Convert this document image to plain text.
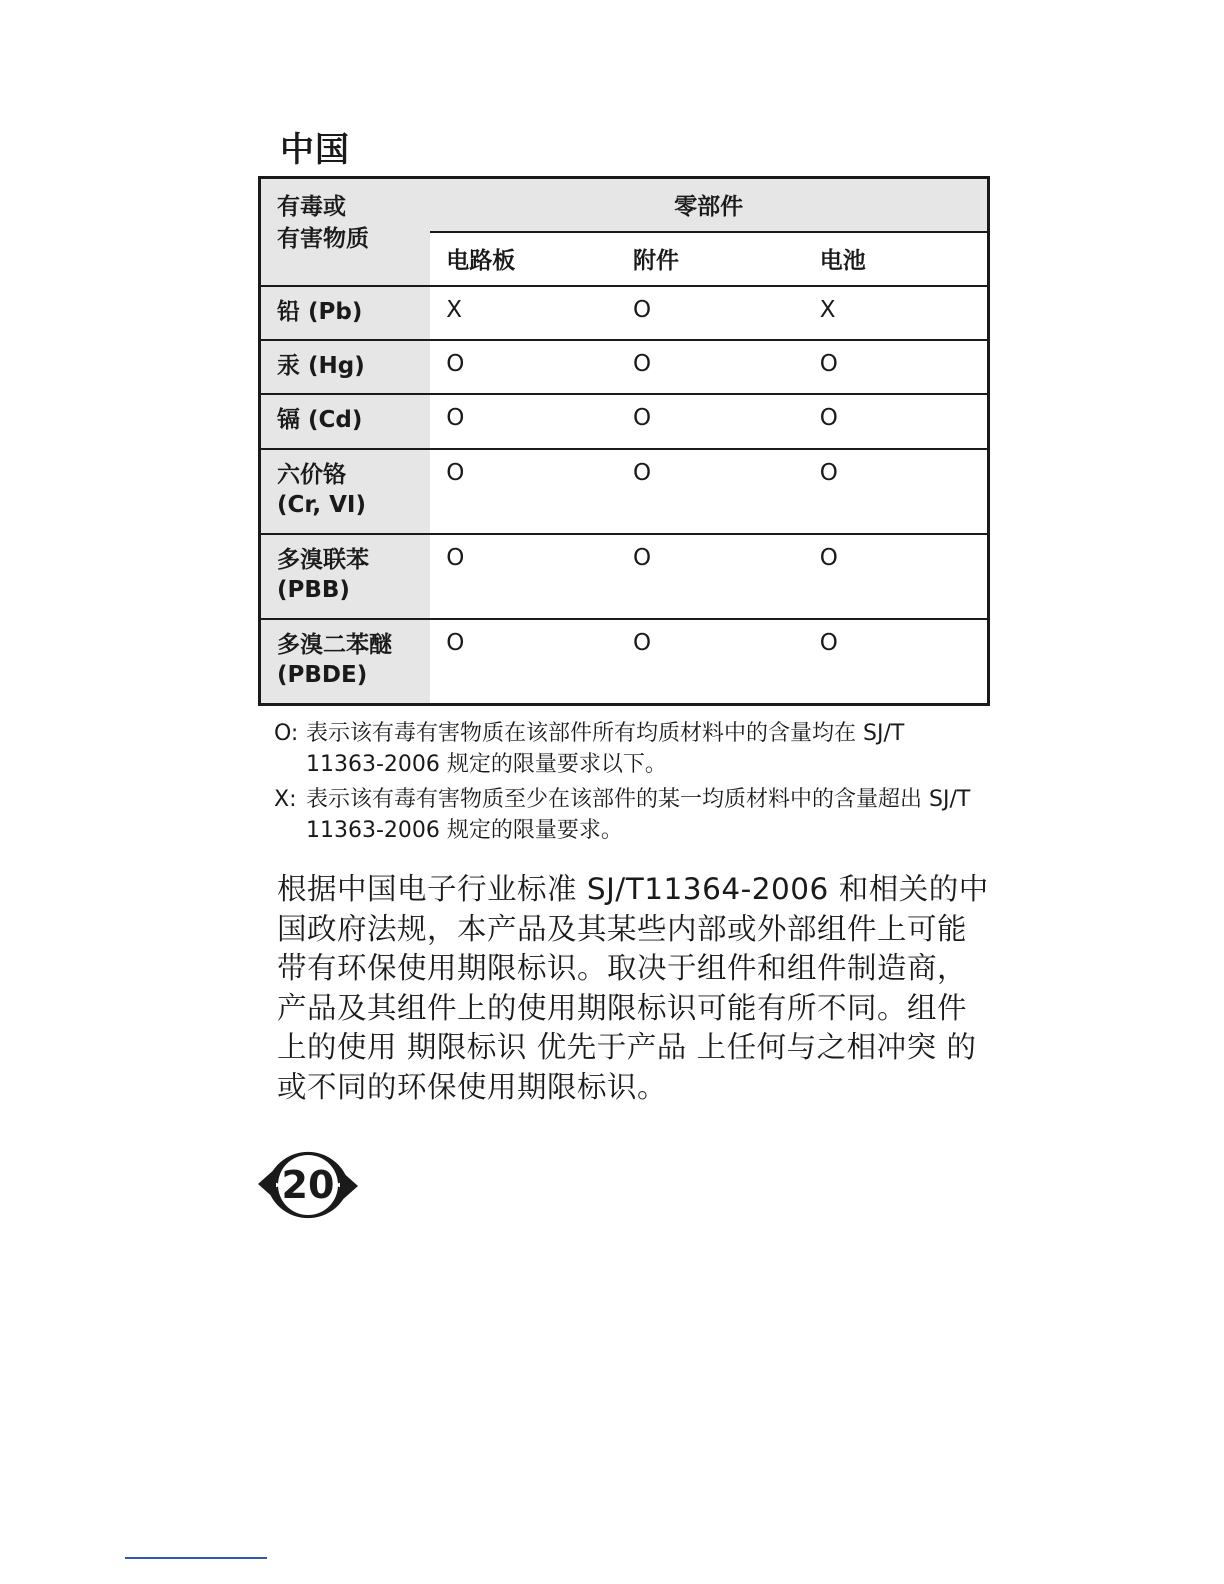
中国
有毒或
有害物质	零部件		
	电路板	附件	电池

铅 (Pb)	X	O	X

汞 (Hg)	O	O	O

镉 (Cd)	O	O	O

六价铬
(Cr, VI)	O	O	O

多溴联苯
(PBB)	O	O	O

多溴二苯醚
(PBDE)	O	O	O
O: 表示该有毒有害物质在该部件所有均质材料中的含量均在 SJ/T 11363-2006 规定的限量要求以下。
X: 表示该有毒有害物质至少在该部件的某一均质材料中的含量超出 SJ/T 11363-2006 规定的限量要求。
根据中国电子行业标准 SJ/T11364-2006 和相关的中国政府法规，本产品及其某些内部或外部组件上可能带有环保使用期限标识。取决于组件和组件制造商，产品及其组件上的使用期限标识可能有所不同。组件上的使用 期限标识 优先于产品 上任何与之相冲突 的或不同的环保使用期限标识。
20
